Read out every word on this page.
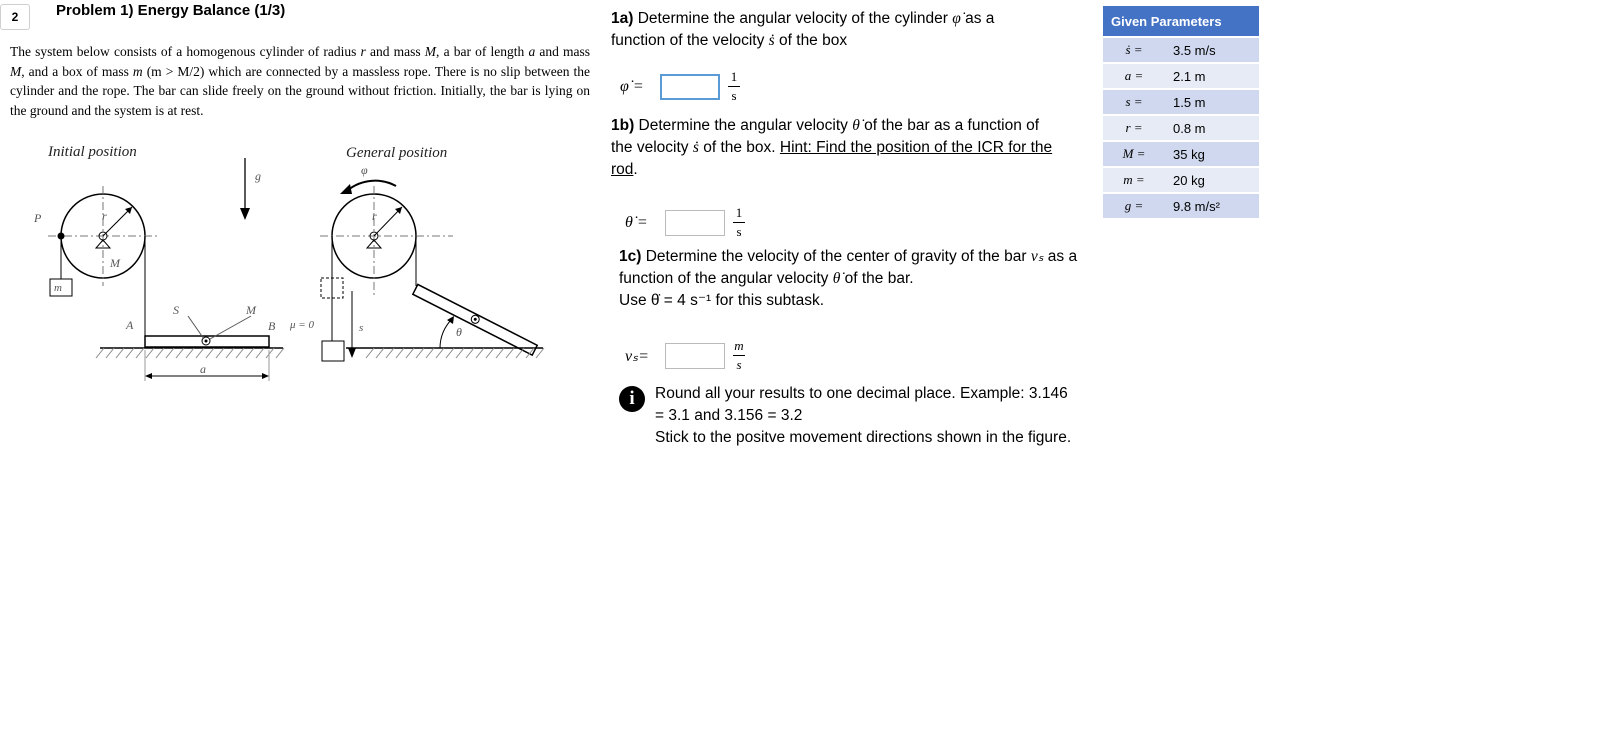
2	Problem 1) Energy Balance (1/3)
The system below consists of a homogenous cylinder of radius r and mass M, a bar of length a and mass M, and a box of mass m (m > M/2) which are connected by a massless rope. There is no slip between the cylinder and the rope. The bar can slide freely on the ground without friction. Initially, the bar is lying on the ground and the system is at rest.
Initial position	General position
g
r
M
P
m
S	M
A	B μ = 0
a
r
φ
s	θ
1a) Determine the angular velocity of the cylinder φ̇ as a function of the velocity ṡ of the box
φ̇ =	$\frac{1}{s}$
1b) Determine the angular velocity θ̇ of the bar as a function of the velocity ṡ of the box. Hint: Find the position of the ICR for the rod.
θ̇ =	$\frac{1}{s}$
1c) Determine the velocity of the center of gravity of the bar vₛ as a function of the angular velocity θ̇ of the bar.
Use θ̇ = 4 s⁻¹ for this subtask.
vₛ=	$\frac{m}{s}$
i	Round all your results to one decimal place. Example: 3.146 = 3.1 and 3.156 = 3.2
Stick to the positve movement directions shown in the figure.
Given Parameters	
ṡ =	3.5 m/s
a =	2.1 m
s =	1.5 m
r =	0.8 m
M =	35 kg
m =	20 kg
g =	9.8 m/s²
